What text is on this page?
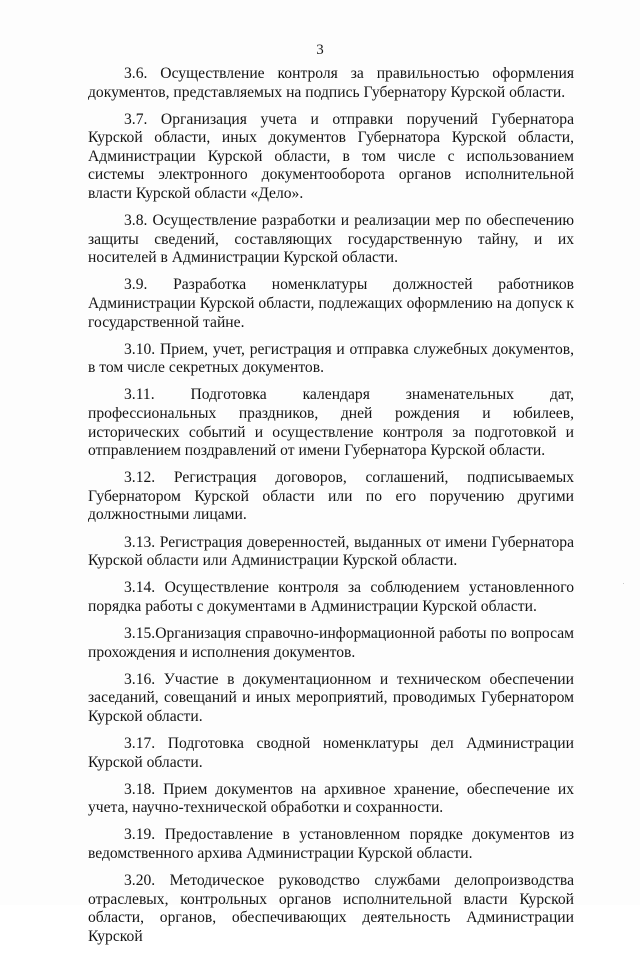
3

3.6. Осуществление контроля за правильностью оформления документов, представляемых на подпись Губернатору Курской области.

3.7. Организация учета и отправки поручений Губернатора Курской области, иных документов Губернатора Курской области, Администрации Курской области, в том числе с использованием системы электронного документооборота органов исполнительной власти Курской области «Дело».

3.8. Осуществление разработки и реализации мер по обеспечению защиты сведений, составляющих государственную тайну, и их носителей в Администрации Курской области.

3.9. Разработка номенклатуры должностей работников Администрации Курской области, подлежащих оформлению на допуск к государственной тайне.

3.10. Прием, учет, регистрация и отправка служебных документов, в том числе секретных документов.

3.11. Подготовка календаря знаменательных дат, профессиональных праздников, дней рождения и юбилеев, исторических событий и осуществление контроля за подготовкой и отправлением поздравлений от имени Губернатора Курской области.

3.12. Регистрация договоров, соглашений, подписываемых Губернатором Курской области или по его поручению другими должностными лицами.

3.13. Регистрация доверенностей, выданных от имени Губернатора Курской области или Администрации Курской области.

3.14. Осуществление контроля за соблюдением установленного порядка работы с документами в Администрации Курской области.

3.15.Организация справочно-информационной работы по вопросам прохождения и исполнения документов.

3.16. Участие в документационном и техническом обеспечении заседаний, совещаний и иных мероприятий, проводимых Губернатором Курской области.

3.17. Подготовка сводной номенклатуры дел Администрации Курской области.

3.18. Прием документов на архивное хранение, обеспечение их учета, научно-технической обработки и сохранности.

3.19. Предоставление в установленном порядке документов из ведомственного архива Администрации Курской области.

3.20. Методическое руководство службами делопроизводства отраслевых, контрольных органов исполнительной власти Курской области, органов, обеспечивающих деятельность Администрации Курской
